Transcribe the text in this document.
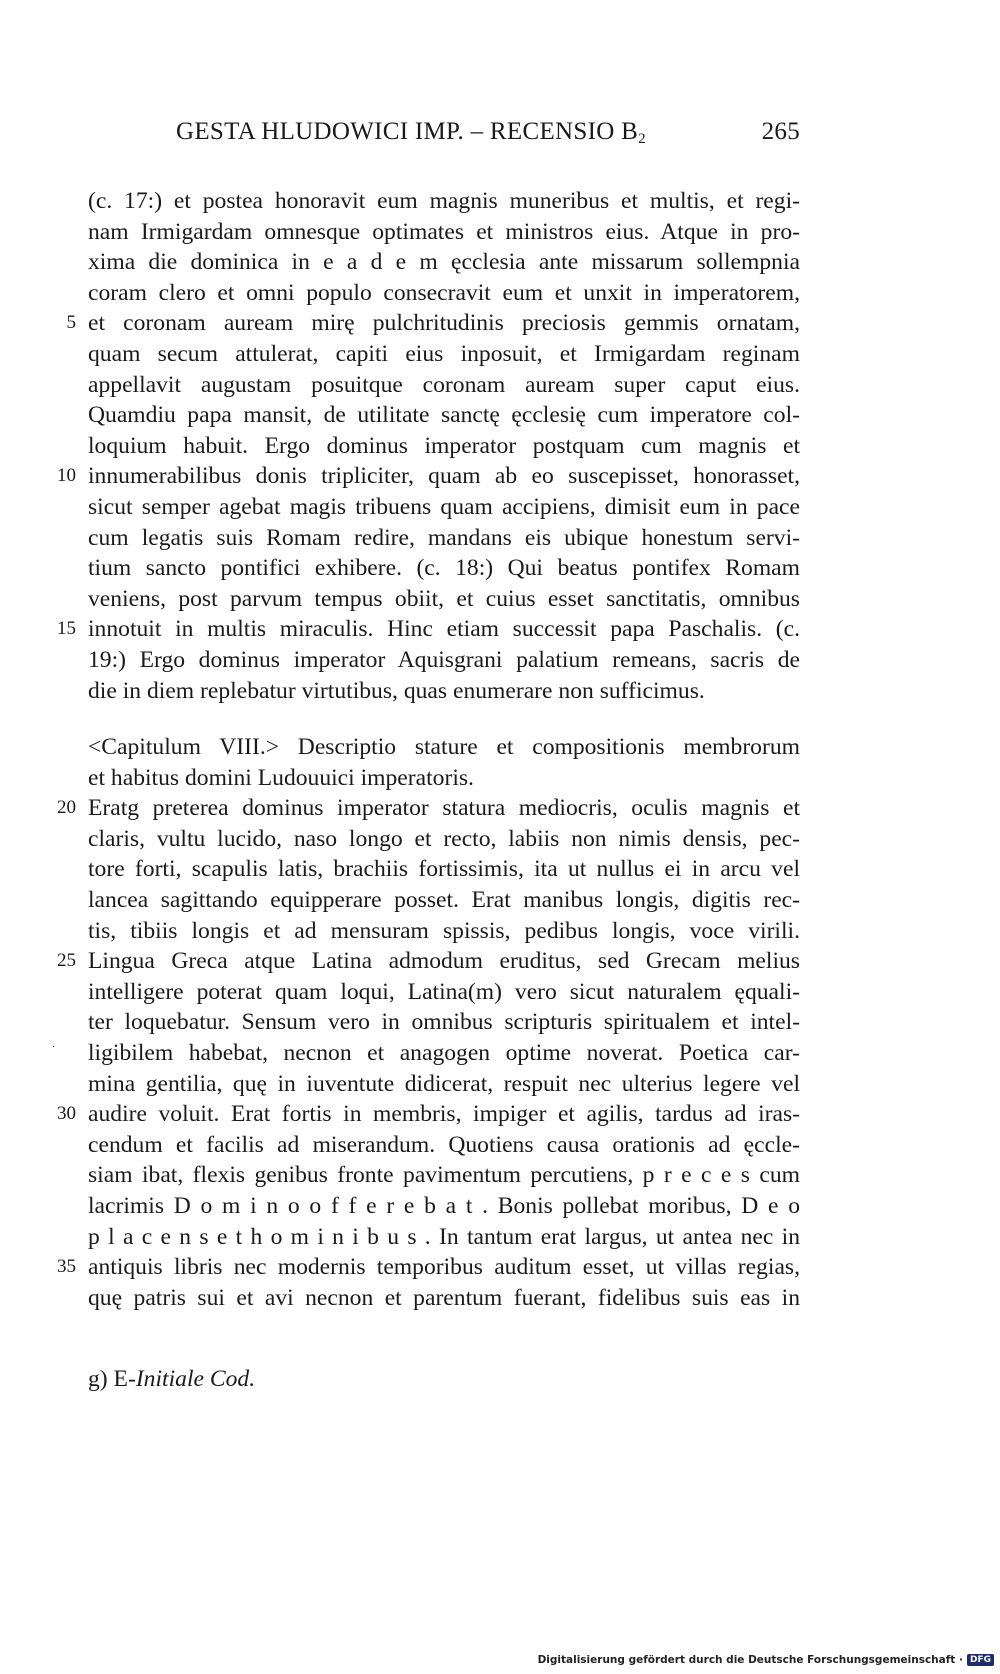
GESTA HLUDOWICI IMP. – RECENSIO $B_2$	265
(c. 17:) et postea honoravit eum magnis muneribus et multis, et regi-
nam Irmigardam omnesque optimates et ministros eius. Atque in pro-
xima die dominica in e a d e m ęcclesia ante missarum sollempnia
coram clero et omni populo consecravit eum et unxit in imperatorem,
5 et coronam auream mirę pulchritudinis preciosis gemmis ornatam,
quam secum attulerat, capiti eius inposuit, et Irmigardam reginam
appellavit augustam posuitque coronam auream super caput eius.
Quamdiu papa mansit, de utilitate sanctę ęcclesię cum imperatore col-
loquium habuit. Ergo dominus imperator postquam cum magnis et
10 innumerabilibus donis tripliciter, quam ab eo suscepisset, honorasset,
sicut semper agebat magis tribuens quam accipiens, dimisit eum in pace
cum legatis suis Romam redire, mandans eis ubique honestum servi-
tium sancto pontifici exhibere. (c. 18:) Qui beatus pontifex Romam
veniens, post parvum tempus obiit, et cuius esset sanctitatis, omnibus
15 innotuit in multis miraculis. Hinc etiam successit papa Paschalis. (c.
19:) Ergo dominus imperator Aquisgrani palatium remeans, sacris de
die in diem replebatur virtutibus, quas enumerare non sufficimus.
<Capitulum VIII.> Descriptio stature et compositionis membrorum
et habitus domini Ludouuici imperatoris.
20 Eratg preterea dominus imperator statura mediocris, oculis magnis et
claris, vultu lucido, naso longo et recto, labiis non nimis densis, pec-
tore forti, scapulis latis, brachiis fortissimis, ita ut nullus ei in arcu vel
lancea sagittando equipperare posset. Erat manibus longis, digitis rec-
tis, tibiis longis et ad mensuram spissis, pedibus longis, voce virili.
25 Lingua Greca atque Latina admodum eruditus, sed Grecam melius
intelligere poterat quam loqui, Latina(m) vero sicut naturalem ęquali-
ter loquebatur. Sensum vero in omnibus scripturis spiritualem et intel-
ligibilem habebat, necnon et anagogen optime noverat. Poetica car-
mina gentilia, quę in iuventute didicerat, respuit nec ulterius legere vel
30 audire voluit. Erat fortis in membris, impiger et agilis, tardus ad iras-
cendum et facilis ad miserandum. Quotiens causa orationis ad ęccle-
siam ibat, flexis genibus fronte pavimentum percutiens, p r e c e s cum
lacrimis D o m i n o o f f e r e b a t . Bonis pollebat moribus, D e o
p l a c e n s e t h o m i n i b u s . In tantum erat largus, ut antea nec in
35 antiquis libris nec modernis temporibus auditum esset, ut villas regias,
quę patris sui et avi necnon et parentum fuerant, fidelibus suis eas in
·
g) E-Initiale Cod.
Digitalisierung gefördert durch die Deutsche Forschungsgemeinschaft · DFG
